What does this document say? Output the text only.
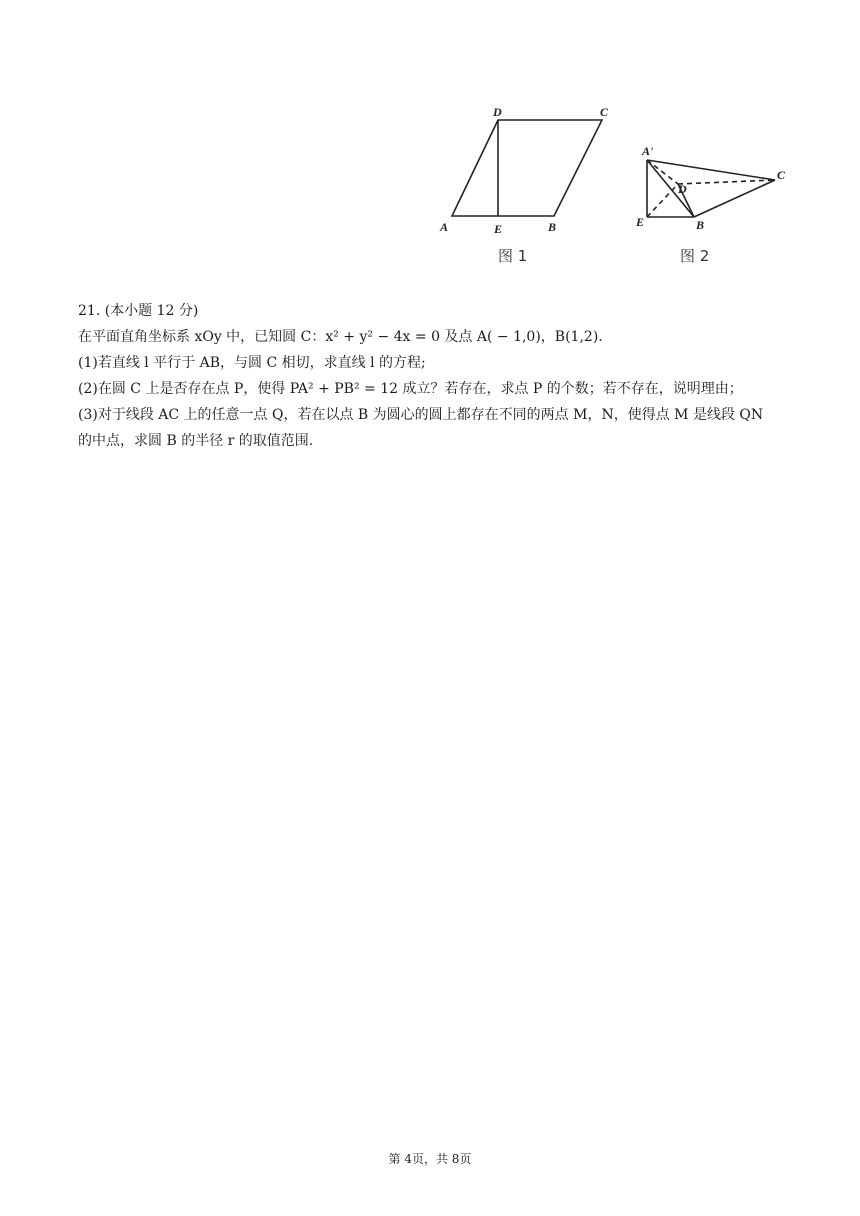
A	E	B
C
D
图 1
A'
D
C
E	B
图 2

21. (本小题 12 分)

在平面直角坐标系 xOy 中，已知圆 C：x² + y² − 4x = 0 及点 A( − 1,0)，B(1,2).

(1)若直线 l 平行于 AB，与圆 C 相切，求直线 l 的方程;

(2)在圆 C 上是否存在点 P，使得 PA² + PB² = 12 成立？若存在，求点 P 的个数；若不存在，说明理由；

(3)对于线段 AC 上的任意一点 Q，若在以点 B 为圆心的圆上都存在不同的两点 M，N，使得点 M 是线段 QN

的中点，求圆 B 的半径 r 的取值范围.

第 4页，共 8页
